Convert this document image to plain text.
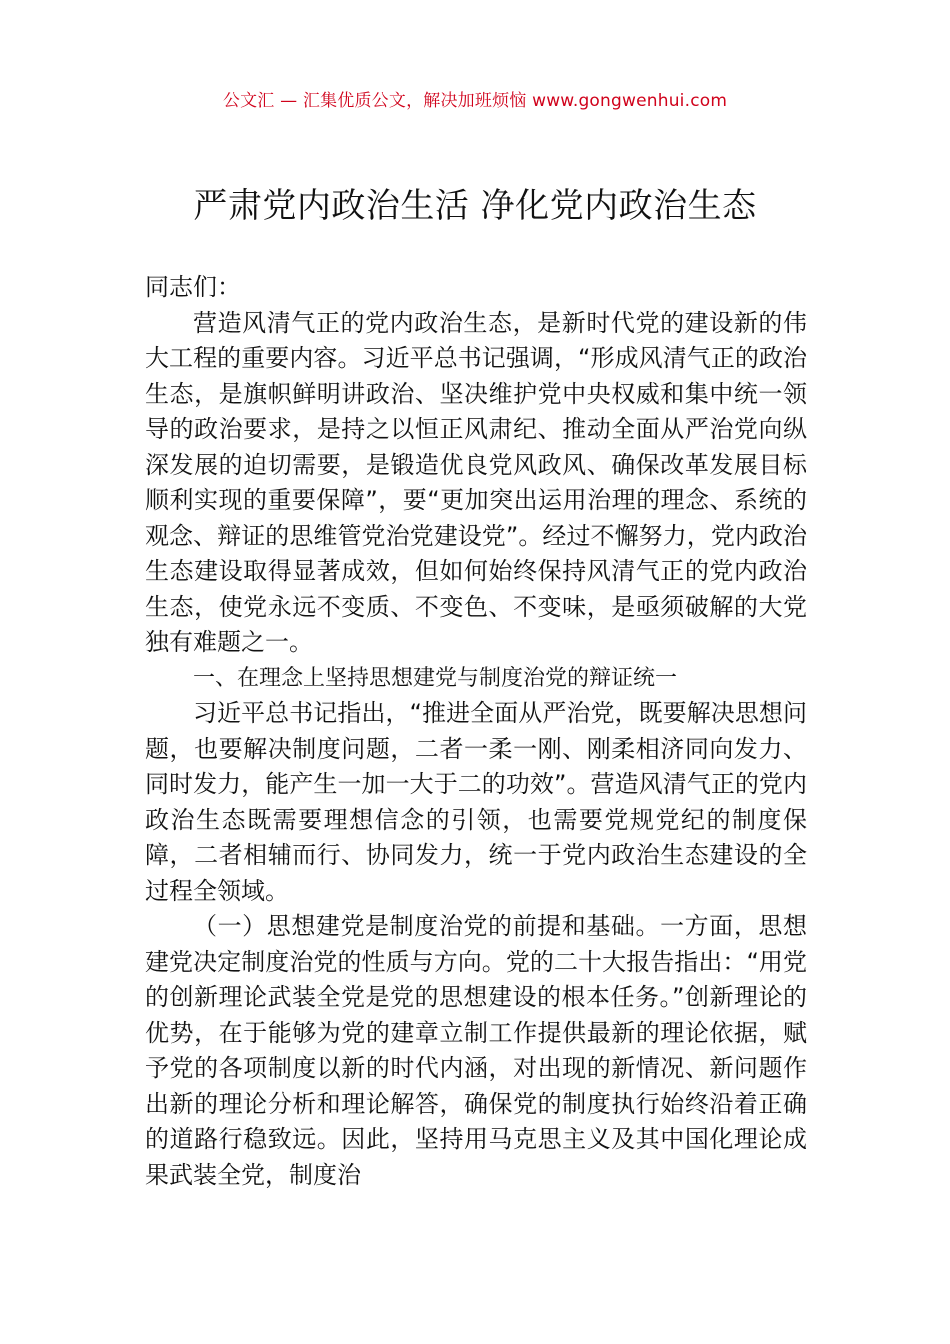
公文汇 — 汇集优质公文，解决加班烦恼 www.gongwenhui.com
严肃党内政治生活 净化党内政治生态

同志们：

营造风清气正的党内政治生态，是新时代党的建设新的伟大工程的重要内容。习近平总书记强调，“形成风清气正的政治生态，是旗帜鲜明讲政治、坚决维护党中央权威和集中统一领导的政治要求，是持之以恒正风肃纪、推动全面从严治党向纵深发展的迫切需要，是锻造优良党风政风、确保改革发展目标顺利实现的重要保障”，要“更加突出运用治理的理念、系统的观念、辩证的思维管党治党建设党”。经过不懈努力，党内政治生态建设取得显著成效，但如何始终保持风清气正的党内政治生态，使党永远不变质、不变色、不变味，是亟须破解的大党独有难题之一。

一、在理念上坚持思想建党与制度治党的辩证统一

习近平总书记指出，“推进全面从严治党，既要解决思想问题，也要解决制度问题，二者一柔一刚、刚柔相济同向发力、同时发力，能产生一加一大于二的功效”。营造风清气正的党内政治生态既需要理想信念的引领，也需要党规党纪的制度保障，二者相辅而行、协同发力，统一于党内政治生态建设的全过程全领域。

（一）思想建党是制度治党的前提和基础。一方面，思想建党决定制度治党的性质与方向。党的二十大报告指出：“用党的创新理论武装全党是党的思想建设的根本任务。”创新理论的优势，在于能够为党的建章立制工作提供最新的理论依据，赋予党的各项制度以新的时代内涵，对出现的新情况、新问题作出新的理论分析和理论解答，确保党的制度执行始终沿着正确的道路行稳致远。因此，坚持用马克思主义及其中国化理论成果武装全党，制度治
